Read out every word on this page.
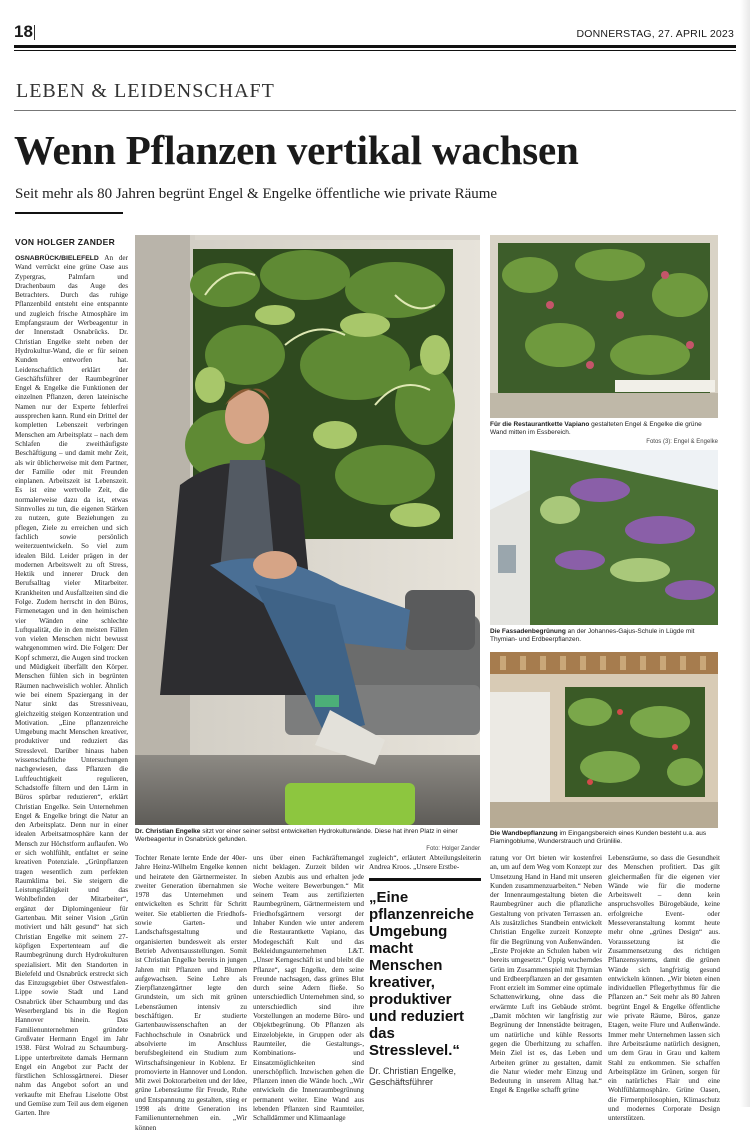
18	DONNERSTAG, 27. APRIL 2023
LEBEN & LEIDENSCHAFT
Wenn Pflanzen vertikal wachsen
Seit mehr als 80 Jahren begrünt Engel & Engelke öffentliche wie private Räume
VON HOLGER ZANDER
OSNABRÜCK/BIELEFELD An der Wand verrückt eine grüne Oase aus Zypergras, Palmfarn und Drachenbaum das Auge des Betrachters. Durch das ruhige Pflanzenbild entsteht eine entspannte und zugleich frische Atmosphäre im Empfangsraum der Werbeagentur in der Innenstadt Osnabrücks. Dr. Christian Engelke steht neben der Hydrokultur-Wand, die er für seinen Kunden entworfen hat. Leidenschaftlich erklärt der Geschäftsführer der Raumbegrüner Engel & Engelke die Funktionen der einzelnen Pflanzen, deren lateinische Namen nur der Experte fehlerfrei aussprechen kann. Rund ein Drittel der kompletten Lebenszeit verbringen Menschen am Arbeitsplatz – nach dem Schlafen die zweithäufigste Beschäftigung – und damit mehr Zeit, als wir üblicherweise mit dem Partner, der Familie oder mit Freunden einplanen. Arbeitszeit ist Lebenszeit. Es ist eine wertvolle Zeit, die normalerweise dazu da ist, etwas Sinnvolles zu tun, die eigenen Stärken zu nutzen, gute Beziehungen zu pflegen, Ziele zu erreichen und sich fachlich sowie persönlich weiterzuentwickeln. So viel zum idealen Bild. Leider prägen in der modernen Arbeitswelt zu oft Stress, Hektik und innerer Druck den Berufsalltag vieler Mitarbeiter. Krankheiten und Ausfallzeiten sind die Folge. Zudem herrscht in den Büros, Firmenetagen und in den heimischen vier Wänden eine schlechte Luftqualität, die in den meisten Fällen von vielen Menschen nicht bewusst wahrgenommen wird. Die Folgen: Der Kopf schmerzt, die Augen sind trocken und Müdigkeit überfällt den Körper. Menschen fühlen sich in begrünten Räumen nachweislich wohler. Ähnlich wie bei einem Spaziergang in der Natur sinkt das Stressniveau, gleichzeitig steigen Konzentration und Motivation. „Eine pflanzenreiche Umgebung macht Menschen kreativer, produktiver und reduziert das Stresslevel. Darüber hinaus haben wissenschaftliche Untersuchungen nachgewiesen, dass Pflanzen die Luftfeuchtigkeit regulieren, Schadstoffe filtern und den Lärm in Büros spürbar reduzieren“, erklärt Christian Engelke. Sein Unternehmen Engel & Engelke bringt die Natur an den Arbeitsplatz. Denn nur in einer idealen Arbeitsatmosphäre kann der Mensch zur Höchstform auflaufen. Wo er sich wohlfühlt, entfaltet er seine kreativen Potenziale. „Grünpflanzen tragen wesentlich zum perfekten Raumklima bei. Sie steigern die Leistungsfähigkeit und das Wohlbefinden der Mitarbeiter“, ergänzt der Diplomingenieur für Gartenbau. Mit seiner Vision „Grün motiviert und hält gesund“ hat sich Christian Engelke mit seinem 27-köpfigen Expertenteam auf die Raumbegrünung durch Hydrokulturen spezialisiert. Mit den Standorten in Bielefeld und Osnabrück erstreckt sich das Einzugsgebiet über Ostwestfalen-Lippe sowie Stadt und Land Osnabrück über Schaumburg und das Weserbergland bis in die Region Hannover hinein. Das Familienunternehmen gründete Großvater Hermann Engel im Jahr 1938. Fürst Wolrad zu Schaumburg-Lippe unterbreitete damals Hermann Engel ein Angebot zur Pacht der fürstlichen Schlossgärtnerei. Dieser nahm das Angebot sofort an und verkaufte mit Ehefrau Liselotte Obst und Gemüse zum Teil aus dem eigenen Garten. Ihre
Dr. Christian Engelke sitzt vor einer seiner selbst entwickelten Hydrokulturwände. Diese hat ihren Platz in einer Werbeagentur in Osnabrück gefunden.
Foto: Holger Zander
Für die Restaurantkette Vapiano gestalteten Engel & Engelke die grüne Wand mitten im Essbereich.
Fotos (3): Engel & Engelke
Die Fassadenbegrünung an der Johannes-Gajus-Schule in Lügde mit Thymian- und Erdbeerpflanzen.
Die Wandbepflanzung im Eingangsbereich eines Kunden besteht u.a. aus Flamingoblume, Wunderstrauch und Grünlilie.
Tochter Renate lernte Ende der 40er-Jahre Heinz-Wilhelm Engelke kennen und heiratete den Gärtnermeister. In zweiter Generation übernahmen sie 1978 das Unternehmen und entwickelten es Schritt für Schritt weiter. Sie etablierten die Friedhofs- sowie Garten- und Landschaftsgestaltung und organisierten bundesweit als erster Betrieb Adventsausstellungen. Somit ist Christian Engelke bereits in jungen Jahren mit Pflanzen und Blumen aufgewachsen. Seine Lehre als Zierpflanzengärtner legte den Grundstein, um sich mit grünen Lebensräumen intensiv zu beschäftigen. Er studierte Gartenbauwissenschaften an der Fachhochschule in Osnabrück und absolvierte im Anschluss berufsbegleitend ein Studium zum Wirtschaftsingenieur in Koblenz. Er promovierte in Hannover und London. Mit zwei Doktorarbeiten und der Idee, grüne Lebensräume für Freude, Ruhe und Entspannung zu gestalten, stieg er 1998 als dritte Generation ins Familienunternehmen ein. „Wir können
uns über einen Fachkräftemangel nicht beklagen. Zurzeit bilden wir sieben Azubis aus und erhalten jede Woche weitere Bewerbungen.“ Mit seinem Team aus zertifizierten Raumbegrünern, Gärtnermeistern und Friedhofsgärtnern versorgt der Inhaber Kunden wie unter anderem die Restaurantkette Vapiano, das Modegeschäft Kult und das Bekleidungsunternehmen L&T. „Unser Kerngeschäft ist und bleibt die Pflanze“, sagt Engelke, dem seine Freunde nachsagen, dass grünes Blut durch seine Adern fließe. So unterschiedlich Unternehmen sind, so unterschiedlich sind ihre Vorstellungen an moderne Büro- und Objektbegrünung. Ob Pflanzen als Einzelobjekte, in Gruppen oder als Raumteiler, die Gestaltungs-, Kombinations- und Einsatzmöglichkeiten sind unerschöpflich. Inzwischen gehen die Pflanzen innen die Wände hoch. „Wir entwickeln die Innenraumbegrünung permanent weiter. Eine Wand aus lebenden Pflanzen sind Raumteiler, Schalldämmer und Klimaanlage
zugleich“, erläutert Abteilungsleiterin Andrea Kroos. „Unsere Erstbe-
„Eine pflanzenreiche Umgebung macht Menschen kreativer, produktiver und reduziert das Stresslevel.“
Dr. Christian Engelke,
Geschäftsführer
ratung vor Ort bieten wir kostenfrei an, um auf dem Weg vom Konzept zur Umsetzung Hand in Hand mit unseren Kunden zusammenzuarbeiten.“ Neben der Innenraumgestaltung bieten die Raumbegrüner auch die pflanzliche Gestaltung von privaten Terrassen an. Als zusätzliches Standbein entwickelt Christian Engelke zurzeit Konzepte für die Begrünung von Außenwänden. „Erste Projekte an Schulen haben wir bereits umgesetzt.“ Üppig wucherndes Grün im Zusammenspiel mit Thymian und Erdbeerpflanzen an der gesamten Front erzielt im Sommer eine optimale Schattenwirkung, ohne dass die erwärmte Luft ins Gebäude strömt. „Damit möchten wir langfristig zur Begrünung der Innenstädte beitragen, um natürliche und kühle Ressorts gegen die Überhitzung zu schaffen. Mein Ziel ist es, das Leben und Arbeiten grüner zu gestalten, damit die Natur wieder mehr Einzug und Bedeutung in unserem Alltag hat.“ Engel & Engelke schafft grüne
Lebensräume, so dass die Gesundheit des Menschen profitiert. Das gilt gleichermaßen für die eigenen vier Wände wie für die moderne Arbeitswelt – denn kein anspruchsvolles Bürogebäude, keine erfolgreiche Event- oder Messeveranstaltung kommt heute mehr ohne „grünes Design“ aus. Voraussetzung ist die Zusammensetzung des richtigen Pflanzensystems, damit die grünen Wände sich langfristig gesund entwickeln können. „Wir bieten einen individuellen Pflegerhythmus für die Pflanzen an.“ Seit mehr als 80 Jahren begrünt Engel & Engelke öffentliche wie private Räume, Büros, ganze Etagen, weite Flure und Außenwände. Immer mehr Unternehmen lassen sich ihre Arbeitsräume natürlich designen, um dem Grau in Grau und kaltem Stahl zu entkommen. Sie schaffen Arbeitsplätze im Grünen, sorgen für ein natürliches Flair und eine Wohlfühlatmosphäre. Grüne Oasen, die Firmenphilosophien, Klimaschutz und modernes Corporate Design unterstützen.
